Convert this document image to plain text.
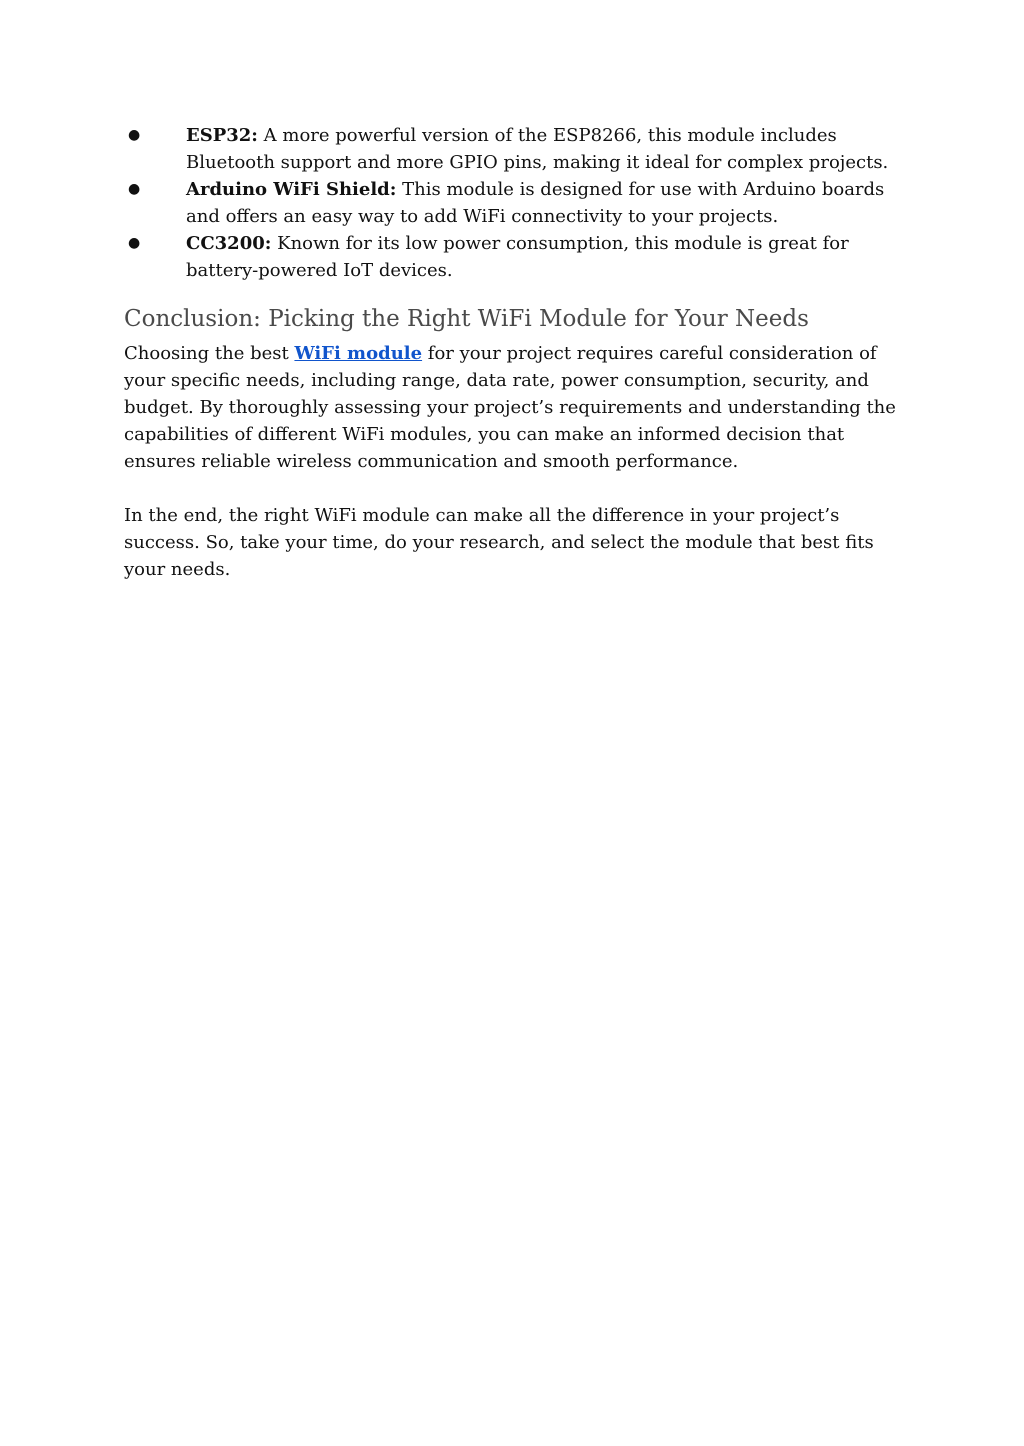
●	ESP32: A more powerful version of the ESP8266, this module includes Bluetooth support and more GPIO pins, making it ideal for complex projects.
●	Arduino WiFi Shield: This module is designed for use with Arduino boards and offers an easy way to add WiFi connectivity to your projects.
●	CC3200: Known for its low power consumption, this module is great for battery-powered IoT devices.
Conclusion: Picking the Right WiFi Module for Your Needs

Choosing the best WiFi module for your project requires careful consideration of your specific needs, including range, data rate, power consumption, security, and budget. By thoroughly assessing your project’s requirements and understanding the capabilities of different WiFi modules, you can make an informed decision that ensures reliable wireless communication and smooth performance.

In the end, the right WiFi module can make all the difference in your project’s success. So, take your time, do your research, and select the module that best fits your needs.
